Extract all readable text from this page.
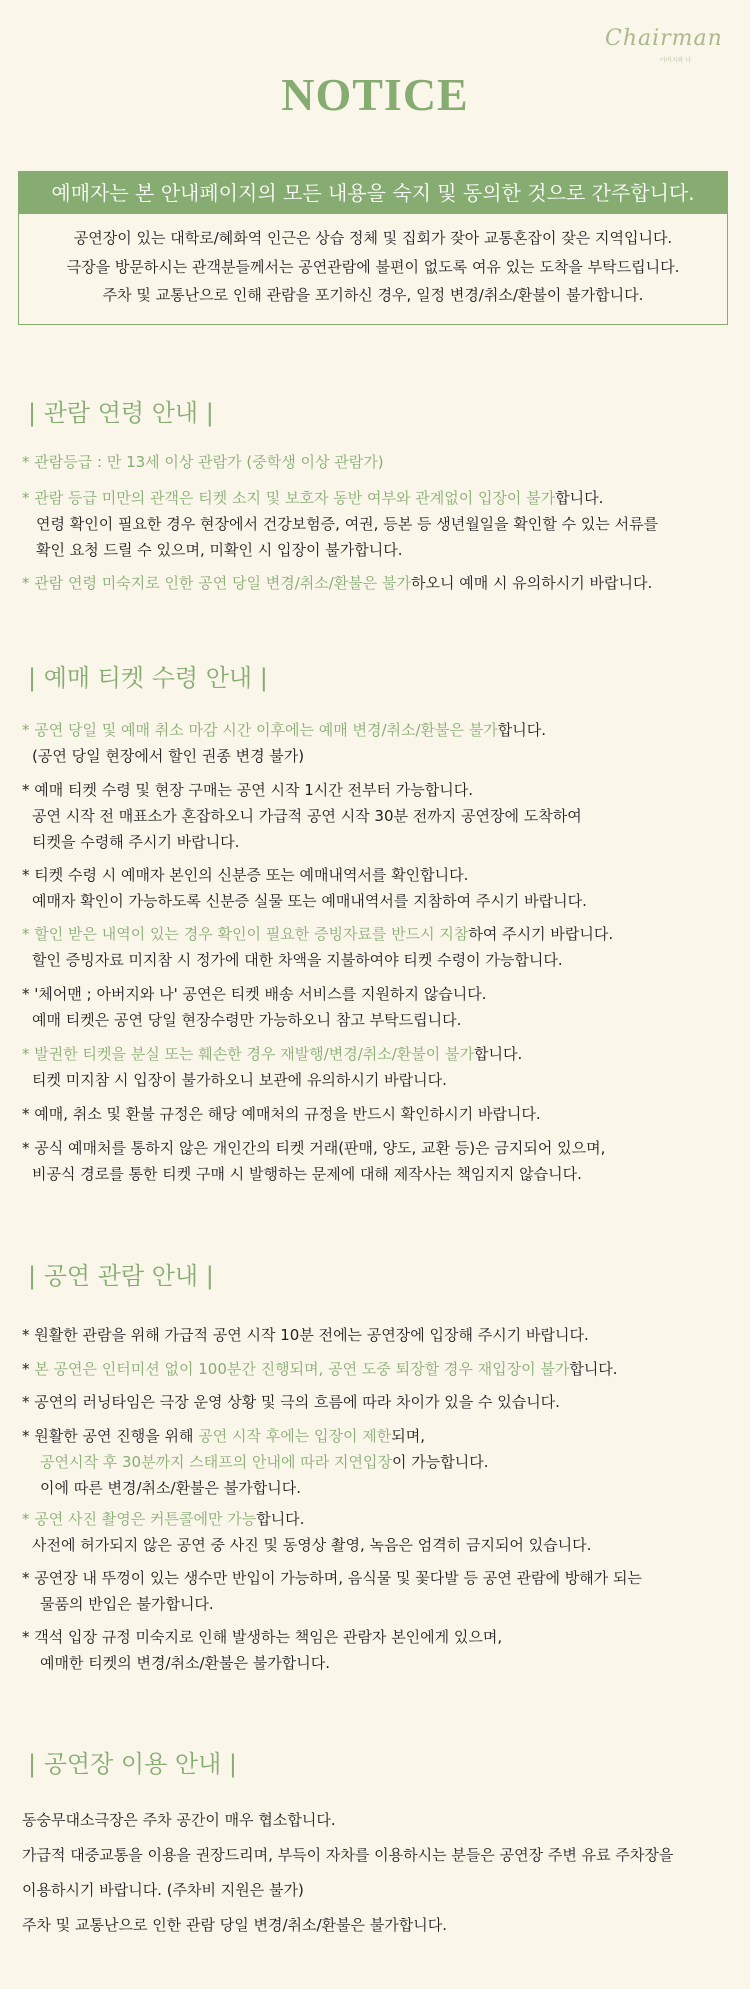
Chairman
아버지와 나
NOTICE
예매자는 본 안내페이지의 모든 내용을 숙지 및 동의한 것으로 간주합니다.
공연장이 있는 대학로/혜화역 인근은 상습 정체 및 집회가 잦아 교통혼잡이 잦은 지역입니다.
극장을 방문하시는 관객분들께서는 공연관람에 불편이 없도록 여유 있는 도착을 부탁드립니다.
주차 및 교통난으로 인해 관람을 포기하신 경우, 일정 변경/취소/환불이 불가합니다.
| 관람 연령 안내 |
* 관람등급 : 만 13세 이상 관람가 (중학생 이상 관람가)
* 관람 등급 미만의 관객은 티켓 소지 및 보호자 동반 여부와 관계없이 입장이 불가합니다.
연령 확인이 필요한 경우 현장에서 건강보험증, 여권, 등본 등 생년월일을 확인할 수 있는 서류를
확인 요청 드릴 수 있으며, 미확인 시 입장이 불가합니다.
* 관람 연령 미숙지로 인한 공연 당일 변경/취소/환불은 불가하오니 예매 시 유의하시기 바랍니다.
| 예매 티켓 수령 안내 |
* 공연 당일 및 예매 취소 마감 시간 이후에는 예매 변경/취소/환불은 불가합니다.
(공연 당일 현장에서 할인 권종 변경 불가)
* 예매 티켓 수령 및 현장 구매는 공연 시작 1시간 전부터 가능합니다.
공연 시작 전 매표소가 혼잡하오니 가급적 공연 시작 30분 전까지 공연장에 도착하여
티켓을 수령해 주시기 바랍니다.
* 티켓 수령 시 예매자 본인의 신분증 또는 예매내역서를 확인합니다.
예매자 확인이 가능하도록 신분증 실물 또는 예매내역서를 지참하여 주시기 바랍니다.
* 할인 받은 내역이 있는 경우 확인이 필요한 증빙자료를 반드시 지참하여 주시기 바랍니다.
할인 증빙자료 미지참 시 정가에 대한 차액을 지불하여야 티켓 수령이 가능합니다.
* '체어맨 ; 아버지와 나' 공연은 티켓 배송 서비스를 지원하지 않습니다.
예매 티켓은 공연 당일 현장수령만 가능하오니 참고 부탁드립니다.
* 발권한 티켓을 분실 또는 훼손한 경우 재발행/변경/취소/환불이 불가합니다.
티켓 미지참 시 입장이 불가하오니 보관에 유의하시기 바랍니다.
* 예매, 취소 및 환불 규정은 해당 예매처의 규정을 반드시 확인하시기 바랍니다.
* 공식 예매처를 통하지 않은 개인간의 티켓 거래(판매, 양도, 교환 등)은 금지되어 있으며,
비공식 경로를 통한 티켓 구매 시 발행하는 문제에 대해 제작사는 책임지지 않습니다.
| 공연 관람 안내 |
* 원활한 관람을 위해 가급적 공연 시작 10분 전에는 공연장에 입장해 주시기 바랍니다.
* 본 공연은 인터미션 없이 100분간 진행되며, 공연 도중 퇴장할 경우 재입장이 불가합니다.
* 공연의 러닝타임은 극장 운영 상황 및 극의 흐름에 따라 차이가 있을 수 있습니다.
* 원활한 공연 진행을 위해 공연 시작 후에는 입장이 제한되며,
공연시작 후 30분까지 스태프의 안내에 따라 지연입장이 가능합니다.
이에 따른 변경/취소/환불은 불가합니다.
* 공연 사진 촬영은 커튼콜에만 가능합니다.
사전에 허가되지 않은 공연 중 사진 및 동영상 촬영, 녹음은 엄격히 금지되어 있습니다.
* 공연장 내 뚜껑이 있는 생수만 반입이 가능하며, 음식물 및 꽃다발 등 공연 관람에 방해가 되는
물품의 반입은 불가합니다.
* 객석 입장 규정 미숙지로 인해 발생하는 책임은 관람자 본인에게 있으며,
예매한 티켓의 변경/취소/환불은 불가합니다.
| 공연장 이용 안내 |
동숭무대소극장은 주차 공간이 매우 협소합니다.
가급적 대중교통을 이용을 권장드리며, 부득이 자차를 이용하시는 분들은 공연장 주변 유료 주차장을
이용하시기 바랍니다. (주차비 지원은 불가)
주차 및 교통난으로 인한 관람 당일 변경/취소/환불은 불가합니다.
